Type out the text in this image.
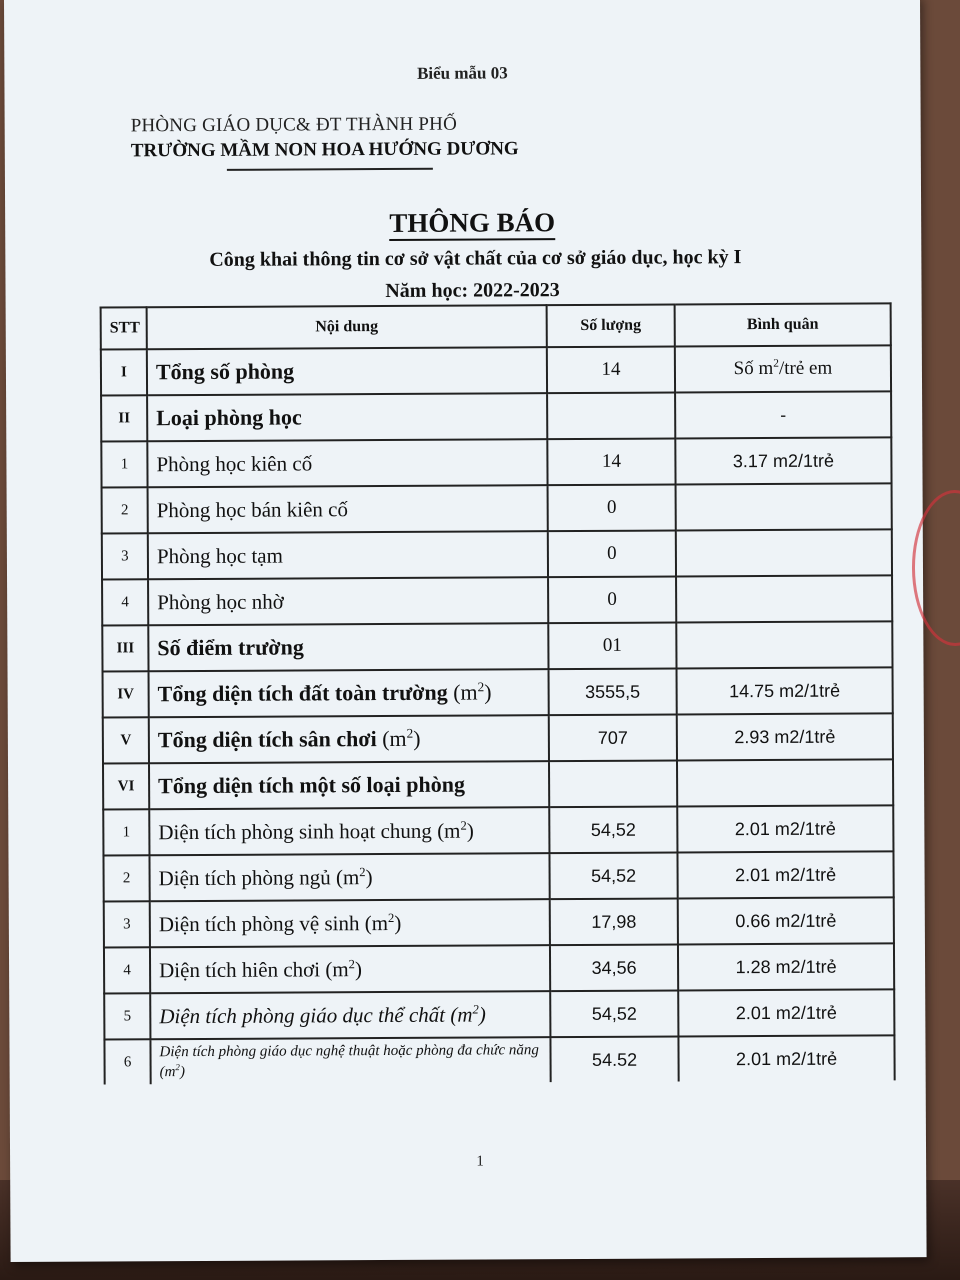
Biểu mẫu 03
PHÒNG GIÁO DỤC& ĐT THÀNH PHỐ
TRƯỜNG MẦM NON HOA HƯỚNG DƯƠNG
THÔNG BÁO
Công khai thông tin cơ sở vật chất của cơ sở giáo dục, học kỳ I
Năm học: 2022-2023
STT	Nội dung	Số lượng	Bình quân
I	Tổng số phòng	14	Số $m^2$/trẻ em
II	Loại phòng học		-
1	Phòng học kiên cố	14	3.17 m2/1trẻ
2	Phòng học bán kiên cố	0	
3	Phòng học tạm	0	
4	Phòng học nhờ	0	
III	Số điểm trường	01	
IV	Tổng diện tích đất toàn trường $(m^2)$	3555,5	14.75 m2/1trẻ
V	Tổng diện tích sân chơi $(m^2)$	707	2.93 m2/1trẻ
VI	Tổng diện tích một số loại phòng		
1	Diện tích phòng sinh hoạt chung $(m^2)$	54,52	2.01 m2/1trẻ
2	Diện tích phòng ngủ $(m^2)$	54,52	2.01 m2/1trẻ
3	Diện tích phòng vệ $\sinh (m^2)$	17,98	0.66 m2/1trẻ
4	Diện tích hiên chơi $(m^2)$	34,56	1.28 m2/1trẻ
5	Diện tích phòng giáo dục thể chất $(m^2)$	54,52	2.01 m2/1trẻ
6	Diện tích phòng giáo dục nghệ thuật hoặc phòng đa chức năng $(m^2)$	54.52	2.01 m2/1trẻ
1
